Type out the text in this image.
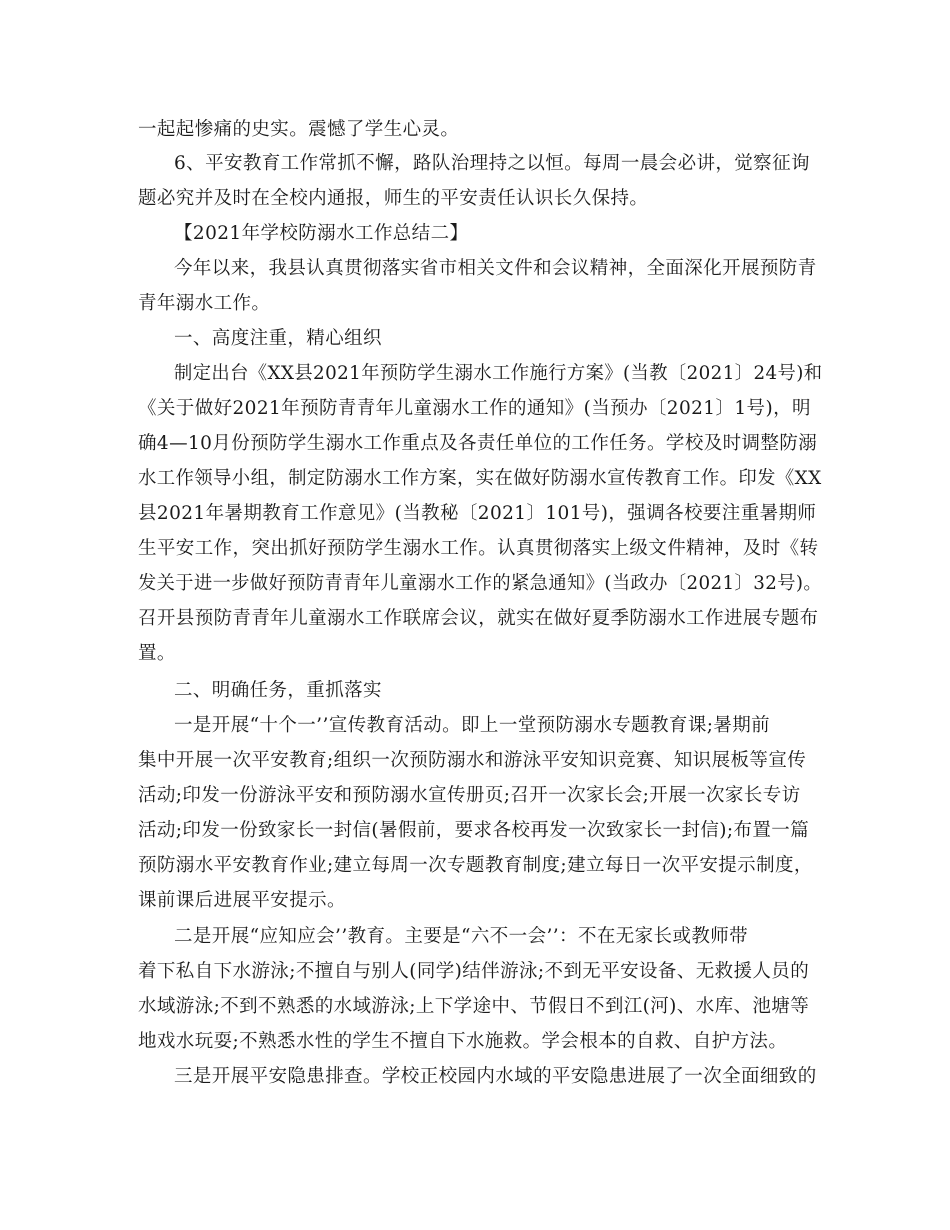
一起起惨痛的史实。震憾了学生心灵。
6、平安教育工作常抓不懈，路队治理持之以恒。每周一晨会必讲，觉察征询
题必究并及时在全校内通报，师生的平安责任认识长久保持。
【2021年学校防溺水工作总结二】
今年以来，我县认真贯彻落实省市相关文件和会议精神，全面深化开展预防青
青年溺水工作。
一、高度注重，精心组织
制定出台《XX县2021年预防学生溺水工作施行方案》(当教〔2021〕24号)和
《关于做好2021年预防青青年儿童溺水工作的通知》(当预办〔2021〕1号)，明
确4—10月份预防学生溺水工作重点及各责任单位的工作任务。学校及时调整防溺
水工作领导小组，制定防溺水工作方案，实在做好防溺水宣传教育工作。印发《XX
县2021年暑期教育工作意见》(当教秘〔2021〕101号)，强调各校要注重暑期师
生平安工作，突出抓好预防学生溺水工作。认真贯彻落实上级文件精神，及时《转
发关于进一步做好预防青青年儿童溺水工作的紧急通知》(当政办〔2021〕32号)。
召开县预防青青年儿童溺水工作联席会议，就实在做好夏季防溺水工作进展专题布
置。
二、明确任务，重抓落实
一是开展“十个一’’宣传教育活动。即上一堂预防溺水专题教育课;暑期前
集中开展一次平安教育;组织一次预防溺水和游泳平安知识竞赛、知识展板等宣传
活动;印发一份游泳平安和预防溺水宣传册页;召开一次家长会;开展一次家长专访
活动;印发一份致家长一封信(暑假前，要求各校再发一次致家长一封信);布置一篇
预防溺水平安教育作业;建立每周一次专题教育制度;建立每日一次平安提示制度，
课前课后进展平安提示。
二是开展“应知应会’’教育。主要是“六不一会’’：不在无家长或教师带
着下私自下水游泳;不擅自与别人(同学)结伴游泳;不到无平安设备、无救援人员的
水域游泳;不到不熟悉的水域游泳;上下学途中、节假日不到江(河)、水库、池塘等
地戏水玩耍;不熟悉水性的学生不擅自下水施救。学会根本的自救、自护方法。
三是开展平安隐患排查。学校正校园内水域的平安隐患进展了一次全面细致的
